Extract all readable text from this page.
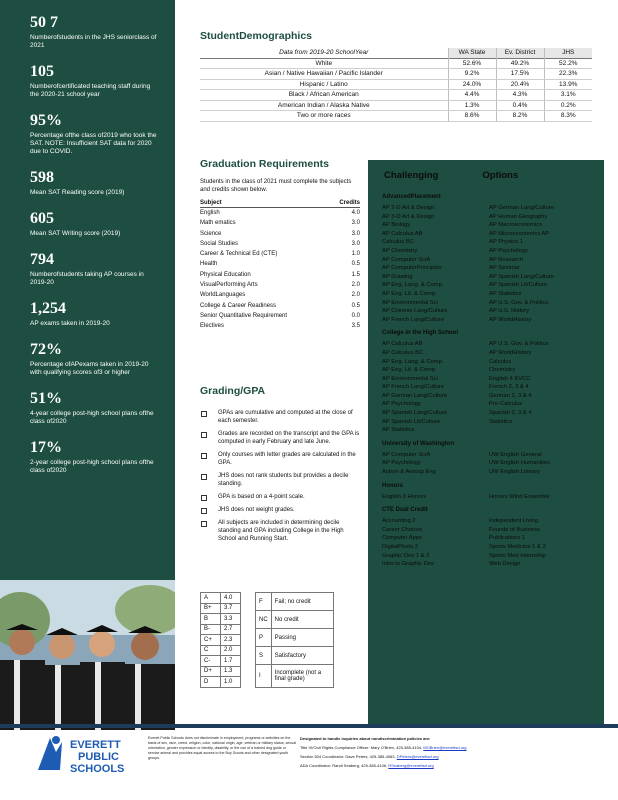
50 7
Numberofstudents in the JHS seniorclass of 2021
105
Numberofcertificated teaching staff during the 2020-21 school year
95%
Percentage ofthe class of2019 who took the SAT. NOTE: Insufficient SAT data for 2020 due to COVID.
598
Mean SAT Reading score (2019)
605
Mean SAT Writing score (2019)
794
Numberofstudents taking AP courses in 2019-20
1,254
AP exams taken in 2019-20
72%
Percentage ofAPexams taken in 2019-20 with qualifying scores of3 or higher
51%
4-year college post-high school plans ofthe class of2020
17%
2-year college post-high school plans ofthe class of2020
StudentDemographics
Data from 2019-20 SchoolYear	WA State	Ev. District	JHS
White	52.6%	49.2%	52.2%
Asian / Native Hawaiian / Pacific Islander	9.2%	17.5%	22.3%
Hispanic / Latino	24.0%	20.4%	13.9%
Black / African American	4.4%	4.3%	3.1%
American Indian / Alaska Native	1.3%	0.4%	0.2%
Two or more races	8.6%	8.2%	8.3%
Graduation Requirements

Students in the class of 2021 must complete the subjects and credits shown below.

Subject	Credits
English	4.0
Math ematics	3.0
Science	3.0
Social Studies	3.0
Career & Technical Ed (CTE)	1.0
Health	0.5
Physical Education	1.5
VisualPerforming Arts	2.0
WorldLanguages	2.0
College & Career Readiness	0.5
Senior Quantitative Requirement	0.0
Electives	3.5
Grading/GPA
GPAs are cumulative and computed at the close of each semester.
Grades are recorded on the transcript and the GPA is computed in early February and late June.
Only courses with letter grades are calculated in the GPA.
JHS does not rank students but provides a decile standing.
GPA is based on a 4-point scale.
JHS does not weight grades.
All subjects are included in determining decile standing and GPA including College in the High School and Running Start.
A	4.0
B+	3.7
B	3.3
B-	2.7
C+	2.3
C	2.0
C-	1.7
D+	1.3
D	1.0
F	Fail; no credit
NC	No credit
P	Passing
S	Satisfactory
I	Incomplete (not a final grade)
Challenging	Options
AdvancedPlacement
AP 2-D Art & Design	AP German Lang/Culture
AP 3-D Art & Design	AP Human Geography
AP Biology	AP Macroeconomics
AP Calculus AB	AP Microeconomics AP
Calculus BC	AP Physics 1
AP Chemistry	AP Psychology
AP Computer SciA	AP Research
AP ComputerPrinciples	AP Seminar
AP Drawing	AP Spanish Lang/Culture
AP Eng. Lang. & Comp.	AP Spanish Lit/Culture
AP Eng. Lit. & Comp.	AP Statistics
AP Environmental Sci	AP U.S. Gov. & Politics
AP Chinese Lang/Culture	AP U.S. History
AP French Lang/Culture	AP WorldHistory
College in the High School
AP Calculus AB	AP U.S. Gov. & Politics
AP Calculus BC	AP WorldHistory
AP Eng. Lang. & Comp.	Calculus
AP Eng. Lit. & Comp.	Chemistry
AP Environmental Sci	English 4 EVCC
AP French Lang/Culture	French 2, 3 & 4
AP German Lang/Culture	German 2, 3 & 4
AP Psychology	Pre-Calculus
AP Spanish Lang/Culture	Spanish 2, 3 & 4
AP Spanish Lit/Culture	Statistics
AP Statistics
University of Washington
AP Computer SciA	UW English General
AP Psychology	UW English Humanities
Astron & Aerosp Eng	UW English Literary
Honors
English 3 Honors	Honors Wind Ensemble
CTE Dual Credit
Accounting 2	Independent Living
Career Choices	Founds of Business
Computer Apps	Publications 1
DigitalPhoto 2	Sports Medicine 1 & 2
Graphic Des 1 & 2	Sports Med Internship
Intro to Graphic Des	Web Design
EVERETT
PUBLIC
SCHOOLS
Everett Public Schools does not discriminate in employment, programs or activities on the basis of sex, race, creed, religion, color, national origin, age, veteran or military status, sexual orientation, gender expression or identity, disability, or the use of a trained dog guide or service animal and provides equal access to the Boy Scouts and other designated youth groups.
Designated to handle inquiries about nondiscrimination policies are:
Title IX/Civil Rights Compliance Officer: Mary O'Brien, 425-385-4104, MOBrien@everettsd.org
Section 504 Coordinator: Dave Peters, 425-385-4063, DPeters@everettsd.org
ADA Coordinator: Randi Seaberg, 425-385-4106, RSeaberg@everettsd.org
